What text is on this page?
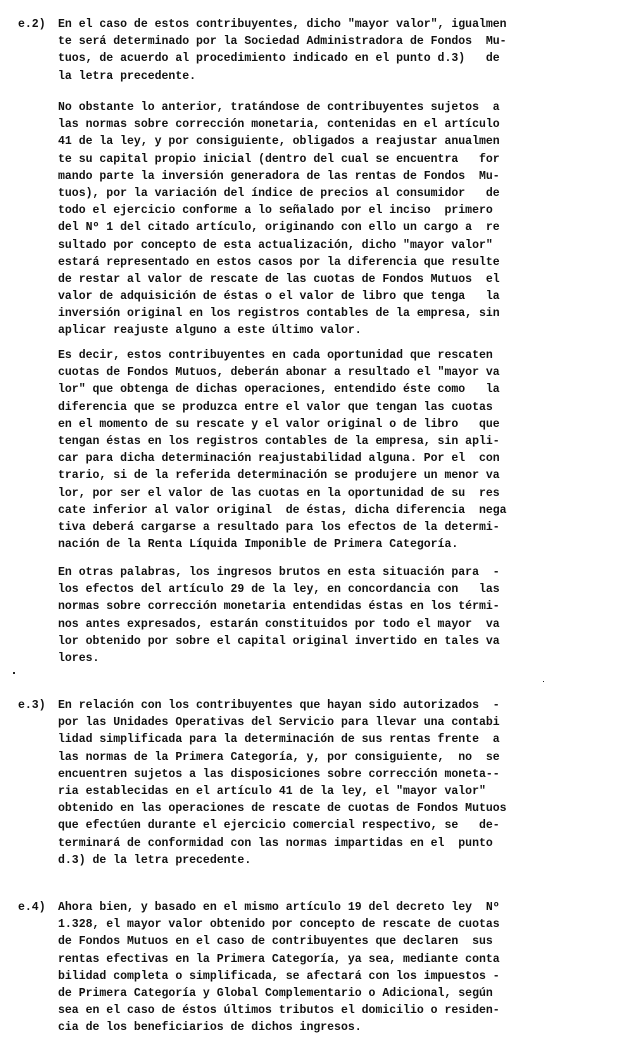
e.2) En el caso de estos contribuyentes, dicho "mayor valor", igualmen
te será determinado por la Sociedad Administradora de Fondos  Mu-
tuos, de acuerdo al procedimiento indicado en el punto d.3)   de
la letra precedente.
No obstante lo anterior, tratándose de contribuyentes sujetos  a
las normas sobre corrección monetaria, contenidas en el artículo
41 de la ley, y por consiguiente, obligados a reajustar anualmen
te su capital propio inicial (dentro del cual se encuentra   for
mando parte la inversión generadora de las rentas de Fondos  Mu-
tuos), por la variación del índice de precios al consumidor   de
todo el ejercicio conforme a lo señalado por el inciso  primero
del Nº 1 del citado artículo, originando con ello un cargo a  re
sultado por concepto de esta actualización, dicho "mayor valor"
estará representado en estos casos por la diferencia que resulte
de restar al valor de rescate de las cuotas de Fondos Mutuos  el
valor de adquisición de éstas o el valor de libro que tenga   la
inversión original en los registros contables de la empresa, sin
aplicar reajuste alguno a este último valor.
Es decir, estos contribuyentes en cada oportunidad que rescaten
cuotas de Fondos Mutuos, deberán abonar a resultado el "mayor va
lor" que obtenga de dichas operaciones, entendido éste como   la
diferencia que se produzca entre el valor que tengan las cuotas
en el momento de su rescate y el valor original o de libro   que
tengan éstas en los registros contables de la empresa, sin apli-
car para dicha determinación reajustabilidad alguna. Por el  con
trario, si de la referida determinación se produjere un menor va
lor, por ser el valor de las cuotas en la oportunidad de su  res
cate inferior al valor original  de éstas, dicha diferencia  nega
tiva deberá cargarse a resultado para los efectos de la determi-
nación de la Renta Líquida Imponible de Primera Categoría.
En otras palabras, los ingresos brutos en esta situación para  -
los efectos del artículo 29 de la ley, en concordancia con   las
normas sobre corrección monetaria entendidas éstas en los térmi-
nos antes expresados, estarán constituidos por todo el mayor  va
lor obtenido por sobre el capital original invertido en tales va
lores.
e.3) En relación con los contribuyentes que hayan sido autorizados  -
por las Unidades Operativas del Servicio para llevar una contabi
lidad simplificada para la determinación de sus rentas frente  a
las normas de la Primera Categoría, y, por consiguiente,  no  se
encuentren sujetos a las disposiciones sobre corrección moneta--
ria establecidas en el artículo 41 de la ley, el "mayor valor"
obtenido en las operaciones de rescate de cuotas de Fondos Mutuos
que efectúen durante el ejercicio comercial respectivo, se   de-
terminará de conformidad con las normas impartidas en el  punto
d.3) de la letra precedente.
e.4) Ahora bien, y basado en el mismo artículo 19 del decreto ley  Nº
1.328, el mayor valor obtenido por concepto de rescate de cuotas
de Fondos Mutuos en el caso de contribuyentes que declaren  sus
rentas efectivas en la Primera Categoría, ya sea, mediante conta
bilidad completa o simplificada, se afectará con los impuestos -
de Primera Categoría y Global Complementario o Adicional, según
sea en el caso de éstos últimos tributos el domicilio o residen-
cia de los beneficiarios de dichos ingresos.
